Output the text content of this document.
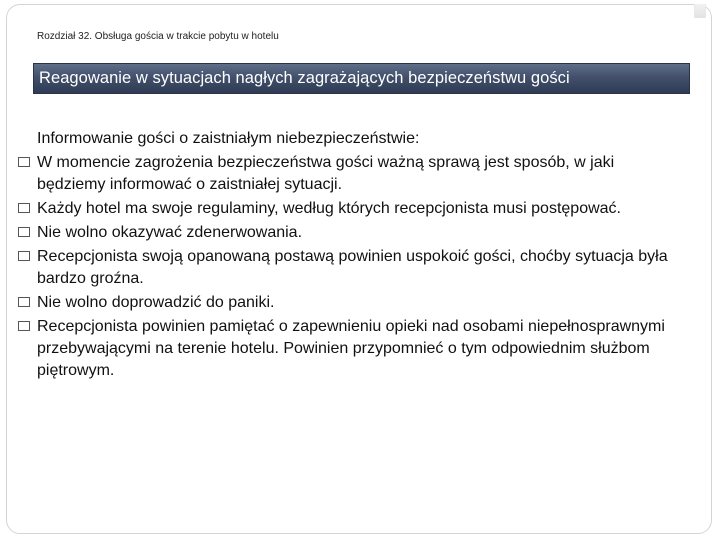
Rozdział 32. Obsługa gościa w trakcie pobytu w hotelu
Reagowanie w sytuacjach nagłych zagrażających bezpieczeństwu gości
Informowanie gości o zaistniałym niebezpieczeństwie:
W momencie zagrożenia bezpieczeństwa gości ważną sprawą jest sposób, w jaki będziemy informować o zaistniałej sytuacji.
Każdy hotel ma swoje regulaminy, według których recepcjonista musi postępować.
Nie wolno okazywać zdenerwowania.
Recepcjonista swoją opanowaną postawą powinien uspokoić gości, choćby sytuacja była bardzo groźna.
Nie wolno doprowadzić do paniki.
Recepcjonista powinien pamiętać o zapewnieniu opieki nad osobami niepełnosprawnymi przebywającymi na terenie hotelu. Powinien przypomnieć o tym odpowiednim służbom piętrowym.
